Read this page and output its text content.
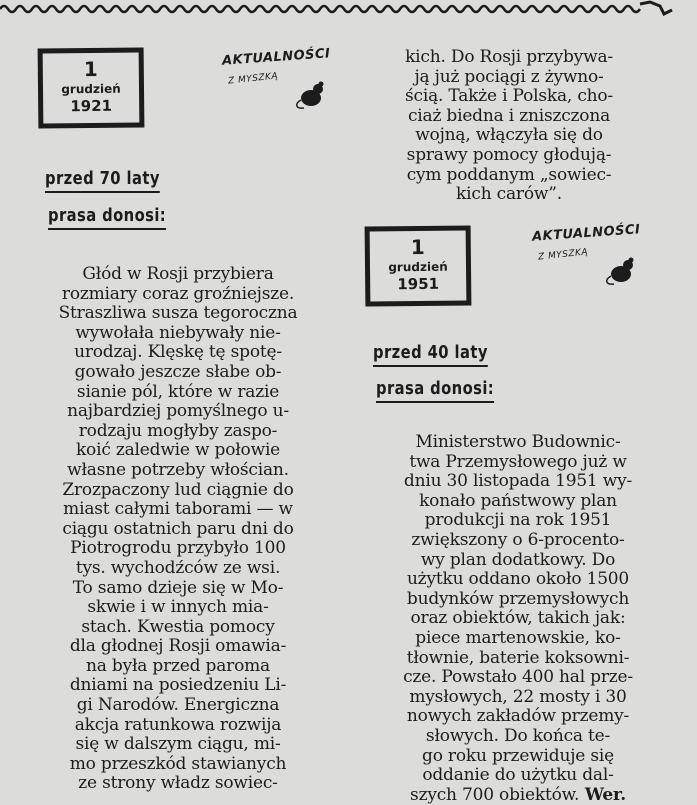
1
grudzień
1921
AKTUALNOŚCI
Z MYSZKĄ
przed 70 laty
prasa donosi:
Głód w Rosji przybiera
rozmiary coraz groźniejsze.
Straszliwa susza tegoroczna
wywołała niebywały nie-
urodzaj. Klęskę tę spotę-
gowało jeszcze słabe ob-
sianie pól, które w razie
najbardziej pomyślnego u-
rodzaju mogłyby zaspo-
koić zaledwie w połowie
własne potrzeby włościan.
Zrozpaczony lud ciągnie do
miast całymi taborami — w
ciągu ostatnich paru dni do
Piotrogrodu przybyło 100
tys. wychodźców ze wsi.
To samo dzieje się w Mo-
skwie i w innych mia-
stach. Kwestia pomocy
dla głodnej Rosji omawia-
na była przed paroma
dniami na posiedzeniu Li-
gi Narodów. Energiczna
akcja ratunkowa rozwija
się w dalszym ciągu, mi-
mo przeszkód stawianych
ze strony władz sowiec-
kich. Do Rosji przybywa-
ją już pociągi z żywno-
ścią. Także i Polska, cho-
ciaż biedna i zniszczona
wojną, włączyła się do
sprawy pomocy głodują-
cym poddanym „sowiec-
kich carów”.
1
grudzień
1951
AKTUALNOŚCI
Z MYSZKĄ
przed 40 laty
prasa donosi:
Ministerstwo Budownic-
twa Przemysłowego już w
dniu 30 listopada 1951 wy-
konało państwowy plan
produkcji na rok 1951
zwiększony o 6-procento-
wy plan dodatkowy. Do
użytku oddano około 1500
budynków przemysłowych
oraz obiektów, takich jak:
piece martenowskie, ko-
tłownie, baterie koksowni-
cze. Powstało 400 hal prze-
mysłowych, 22 mosty i 30
nowych zakładów przemy-
słowych. Do końca te-
go roku przewiduje się
oddanie do użytku dal-
szych 700 obiektów. Wer.
